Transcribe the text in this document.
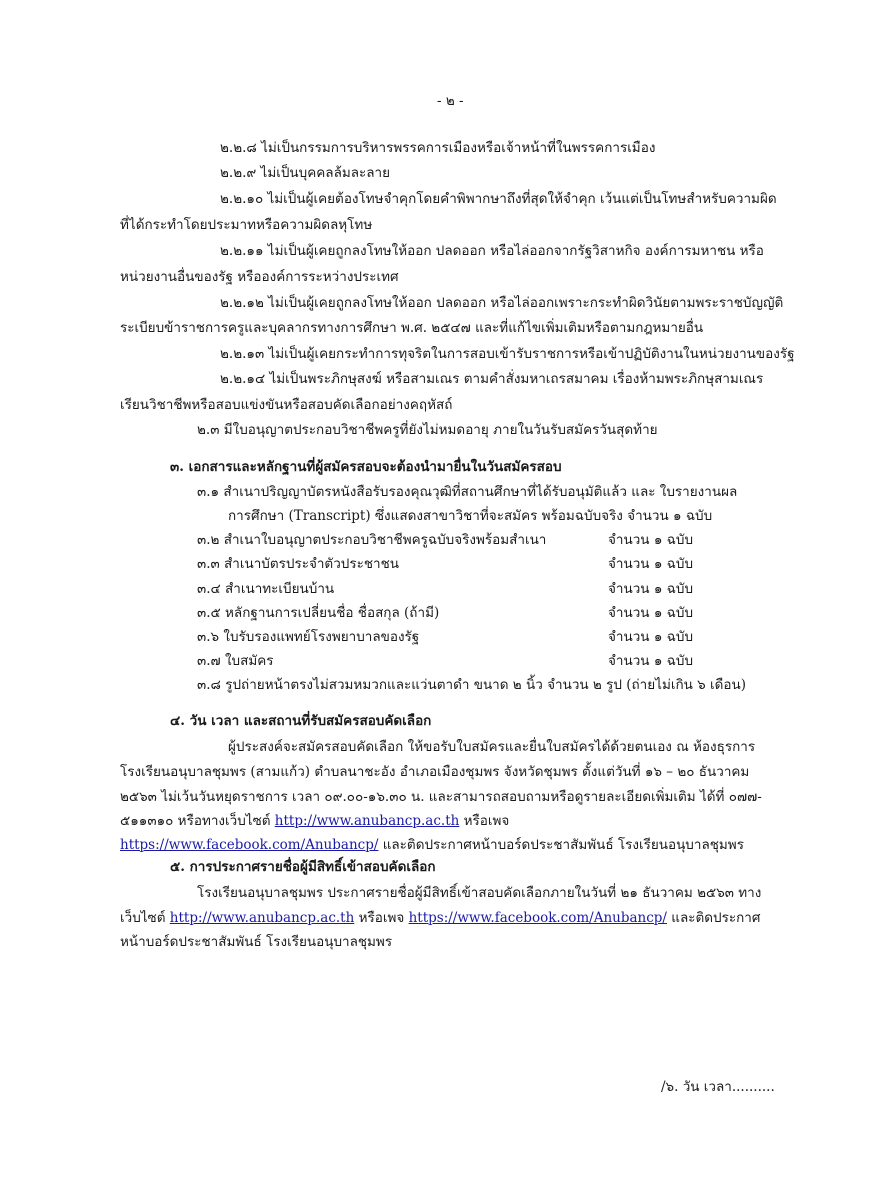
- ๒ -
๒.๒.๘ ไม่เป็นกรรมการบริหารพรรคการเมืองหรือเจ้าหน้าที่ในพรรคการเมือง
๒.๒.๙ ไม่เป็นบุคคลล้มละลาย
๒.๒.๑๐ ไม่เป็นผู้เคยต้องโทษจำคุกโดยคำพิพากษาถึงที่สุดให้จำคุก เว้นแต่เป็นโทษสำหรับความผิด
ที่ได้กระทำโดยประมาทหรือความผิดลหุโทษ
๒.๒.๑๑ ไม่เป็นผู้เคยถูกลงโทษให้ออก ปลดออก หรือไล่ออกจากรัฐวิสาหกิจ องค์การมหาชน หรือ
หน่วยงานอื่นของรัฐ หรือองค์การระหว่างประเทศ
๒.๒.๑๒ ไม่เป็นผู้เคยถูกลงโทษให้ออก ปลดออก หรือไล่ออกเพราะกระทำผิดวินัยตามพระราชบัญญัติ
ระเบียบข้าราชการครูและบุคลากรทางการศึกษา พ.ศ. ๒๕๔๗ และที่แก้ไขเพิ่มเติมหรือตามกฎหมายอื่น
๒.๒.๑๓ ไม่เป็นผู้เคยกระทำการทุจริตในการสอบเข้ารับราชการหรือเข้าปฏิบัติงานในหน่วยงานของรัฐ
๒.๒.๑๔ ไม่เป็นพระภิกษุสงฆ์ หรือสามเณร ตามคำสั่งมหาเถรสมาคม เรื่องห้ามพระภิกษุสามเณร
เรียนวิชาชีพหรือสอบแข่งขันหรือสอบคัดเลือกอย่างคฤหัสถ์
๒.๓ มีใบอนุญาตประกอบวิชาชีพครูที่ยังไม่หมดอายุ ภายในวันรับสมัครวันสุดท้าย
๓. เอกสารและหลักฐานที่ผู้สมัครสอบจะต้องนำมายื่นในวันสมัครสอบ
๓.๑ สำเนาปริญญาบัตรหนังสือรับรองคุณวุฒิที่สถานศึกษาที่ได้รับอนุมัติแล้ว และ ใบรายงานผล
การศึกษา (Transcript) ซึ่งแสดงสาขาวิชาที่จะสมัคร พร้อมฉบับจริง จำนวน ๑ ฉบับ
๓.๒ สำเนาใบอนุญาตประกอบวิชาชีพครูฉบับจริงพร้อมสำเนา	จำนวน ๑ ฉบับ
๓.๓ สำเนาบัตรประจำตัวประชาชน	จำนวน ๑ ฉบับ
๓.๔ สำเนาทะเบียนบ้าน	จำนวน ๑ ฉบับ
๓.๕ หลักฐานการเปลี่ยนชื่อ ชื่อสกุล (ถ้ามี)	จำนวน ๑ ฉบับ
๓.๖ ใบรับรองแพทย์โรงพยาบาลของรัฐ	จำนวน ๑ ฉบับ
๓.๗ ใบสมัคร	จำนวน ๑ ฉบับ
๓.๘ รูปถ่ายหน้าตรงไม่สวมหมวกและแว่นตาดำ ขนาด ๒ นิ้ว จำนวน ๒ รูป (ถ่ายไม่เกิน ๖ เดือน)
๔. วัน เวลา และสถานที่รับสมัครสอบคัดเลือก
ผู้ประสงค์จะสมัครสอบคัดเลือก ให้ขอรับใบสมัครและยื่นใบสมัครได้ด้วยตนเอง ณ ห้องธุรการ
โรงเรียนอนุบาลชุมพร (สามแก้ว) ตำบลนาชะอัง อำเภอเมืองชุมพร จังหวัดชุมพร ตั้งแต่วันที่ ๑๖ – ๒๐ ธันวาคม
๒๕๖๓ ไม่เว้นวันหยุดราชการ เวลา ๐๙.๐๐-๑๖.๓๐ น. และสามารถสอบถามหรือดูรายละเอียดเพิ่มเติม ได้ที่ ๐๗๗-
๕๑๑๓๑๐ หรือทางเว็บไซต์ http://www.anubancp.ac.th หรือเพจ
https://www.facebook.com/Anubancp/ และติดประกาศหน้าบอร์ดประชาสัมพันธ์ โรงเรียนอนุบาลชุมพร
๕. การประกาศรายชื่อผู้มีสิทธิ์เข้าสอบคัดเลือก
โรงเรียนอนุบาลชุมพร ประกาศรายชื่อผู้มีสิทธิ์เข้าสอบคัดเลือกภายในวันที่ ๒๑ ธันวาคม ๒๕๖๓ ทาง
เว็บไซต์ http://www.anubancp.ac.th หรือเพจ https://www.facebook.com/Anubancp/ และติดประกาศ
หน้าบอร์ดประชาสัมพันธ์ โรงเรียนอนุบาลชุมพร
/๖. วัน เวลา..........
